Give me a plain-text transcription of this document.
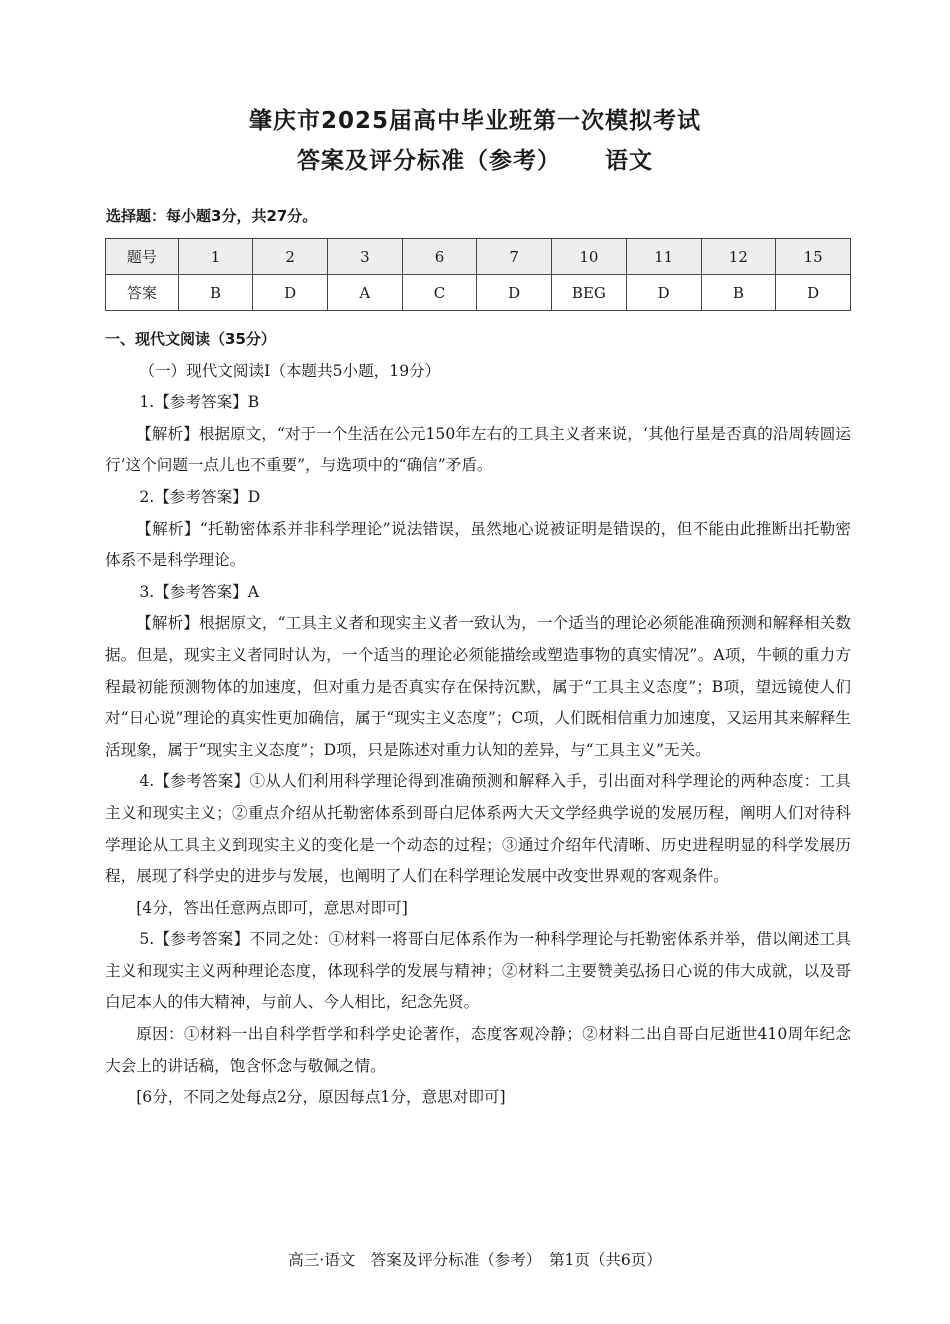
肇庆市2025届高中毕业班第一次模拟考试
答案及评分标准（参考） 语文
选择题：每小题3分，共27分。
题号	1	2	3	6	7	10	11	12	15
答案	B	D	A	C	D	BEG	D	B	D

一、现代文阅读（35分）

（一）现代文阅读Ⅰ（本题共5小题，19分）

1.【参考答案】B

【解析】根据原文，“对于一个生活在公元150年左右的工具主义者来说，‘其他行星是否真的沿周转圆运行’这个问题一点儿也不重要”，与选项中的“确信”矛盾。

2.【参考答案】D

【解析】“托勒密体系并非科学理论”说法错误，虽然地心说被证明是错误的，但不能由此推断出托勒密体系不是科学理论。

3.【参考答案】A

【解析】根据原文，“工具主义者和现实主义者一致认为，一个适当的理论必须能准确预测和解释相关数据。但是，现实主义者同时认为，一个适当的理论必须能描绘或塑造事物的真实情况”。A项，牛顿的重力方程最初能预测物体的加速度，但对重力是否真实存在保持沉默，属于“工具主义态度”；B项，望远镜使人们对“日心说”理论的真实性更加确信，属于“现实主义态度”；C项，人们既相信重力加速度，又运用其来解释生活现象，属于“现实主义态度”；D项，只是陈述对重力认知的差异，与“工具主义”无关。

4.【参考答案】①从人们利用科学理论得到准确预测和解释入手，引出面对科学理论的两种态度：工具主义和现实主义；②重点介绍从托勒密体系到哥白尼体系两大天文学经典学说的发展历程，阐明人们对待科学理论从工具主义到现实主义的变化是一个动态的过程；③通过介绍年代清晰、历史进程明显的科学发展历程，展现了科学史的进步与发展，也阐明了人们在科学理论发展中改变世界观的客观条件。

[4分，答出任意两点即可，意思对即可]

5.【参考答案】不同之处：①材料一将哥白尼体系作为一种科学理论与托勒密体系并举，借以阐述工具主义和现实主义两种理论态度，体现科学的发展与精神；②材料二主要赞美弘扬日心说的伟大成就，以及哥白尼本人的伟大精神，与前人、今人相比，纪念先贤。

原因：①材料一出自科学哲学和科学史论著作，态度客观冷静；②材料二出自哥白尼逝世410周年纪念大会上的讲话稿，饱含怀念与敬佩之情。

[6分，不同之处每点2分，原因每点1分，意思对即可]

高三·语文　答案及评分标准（参考）　第1页（共6页）
